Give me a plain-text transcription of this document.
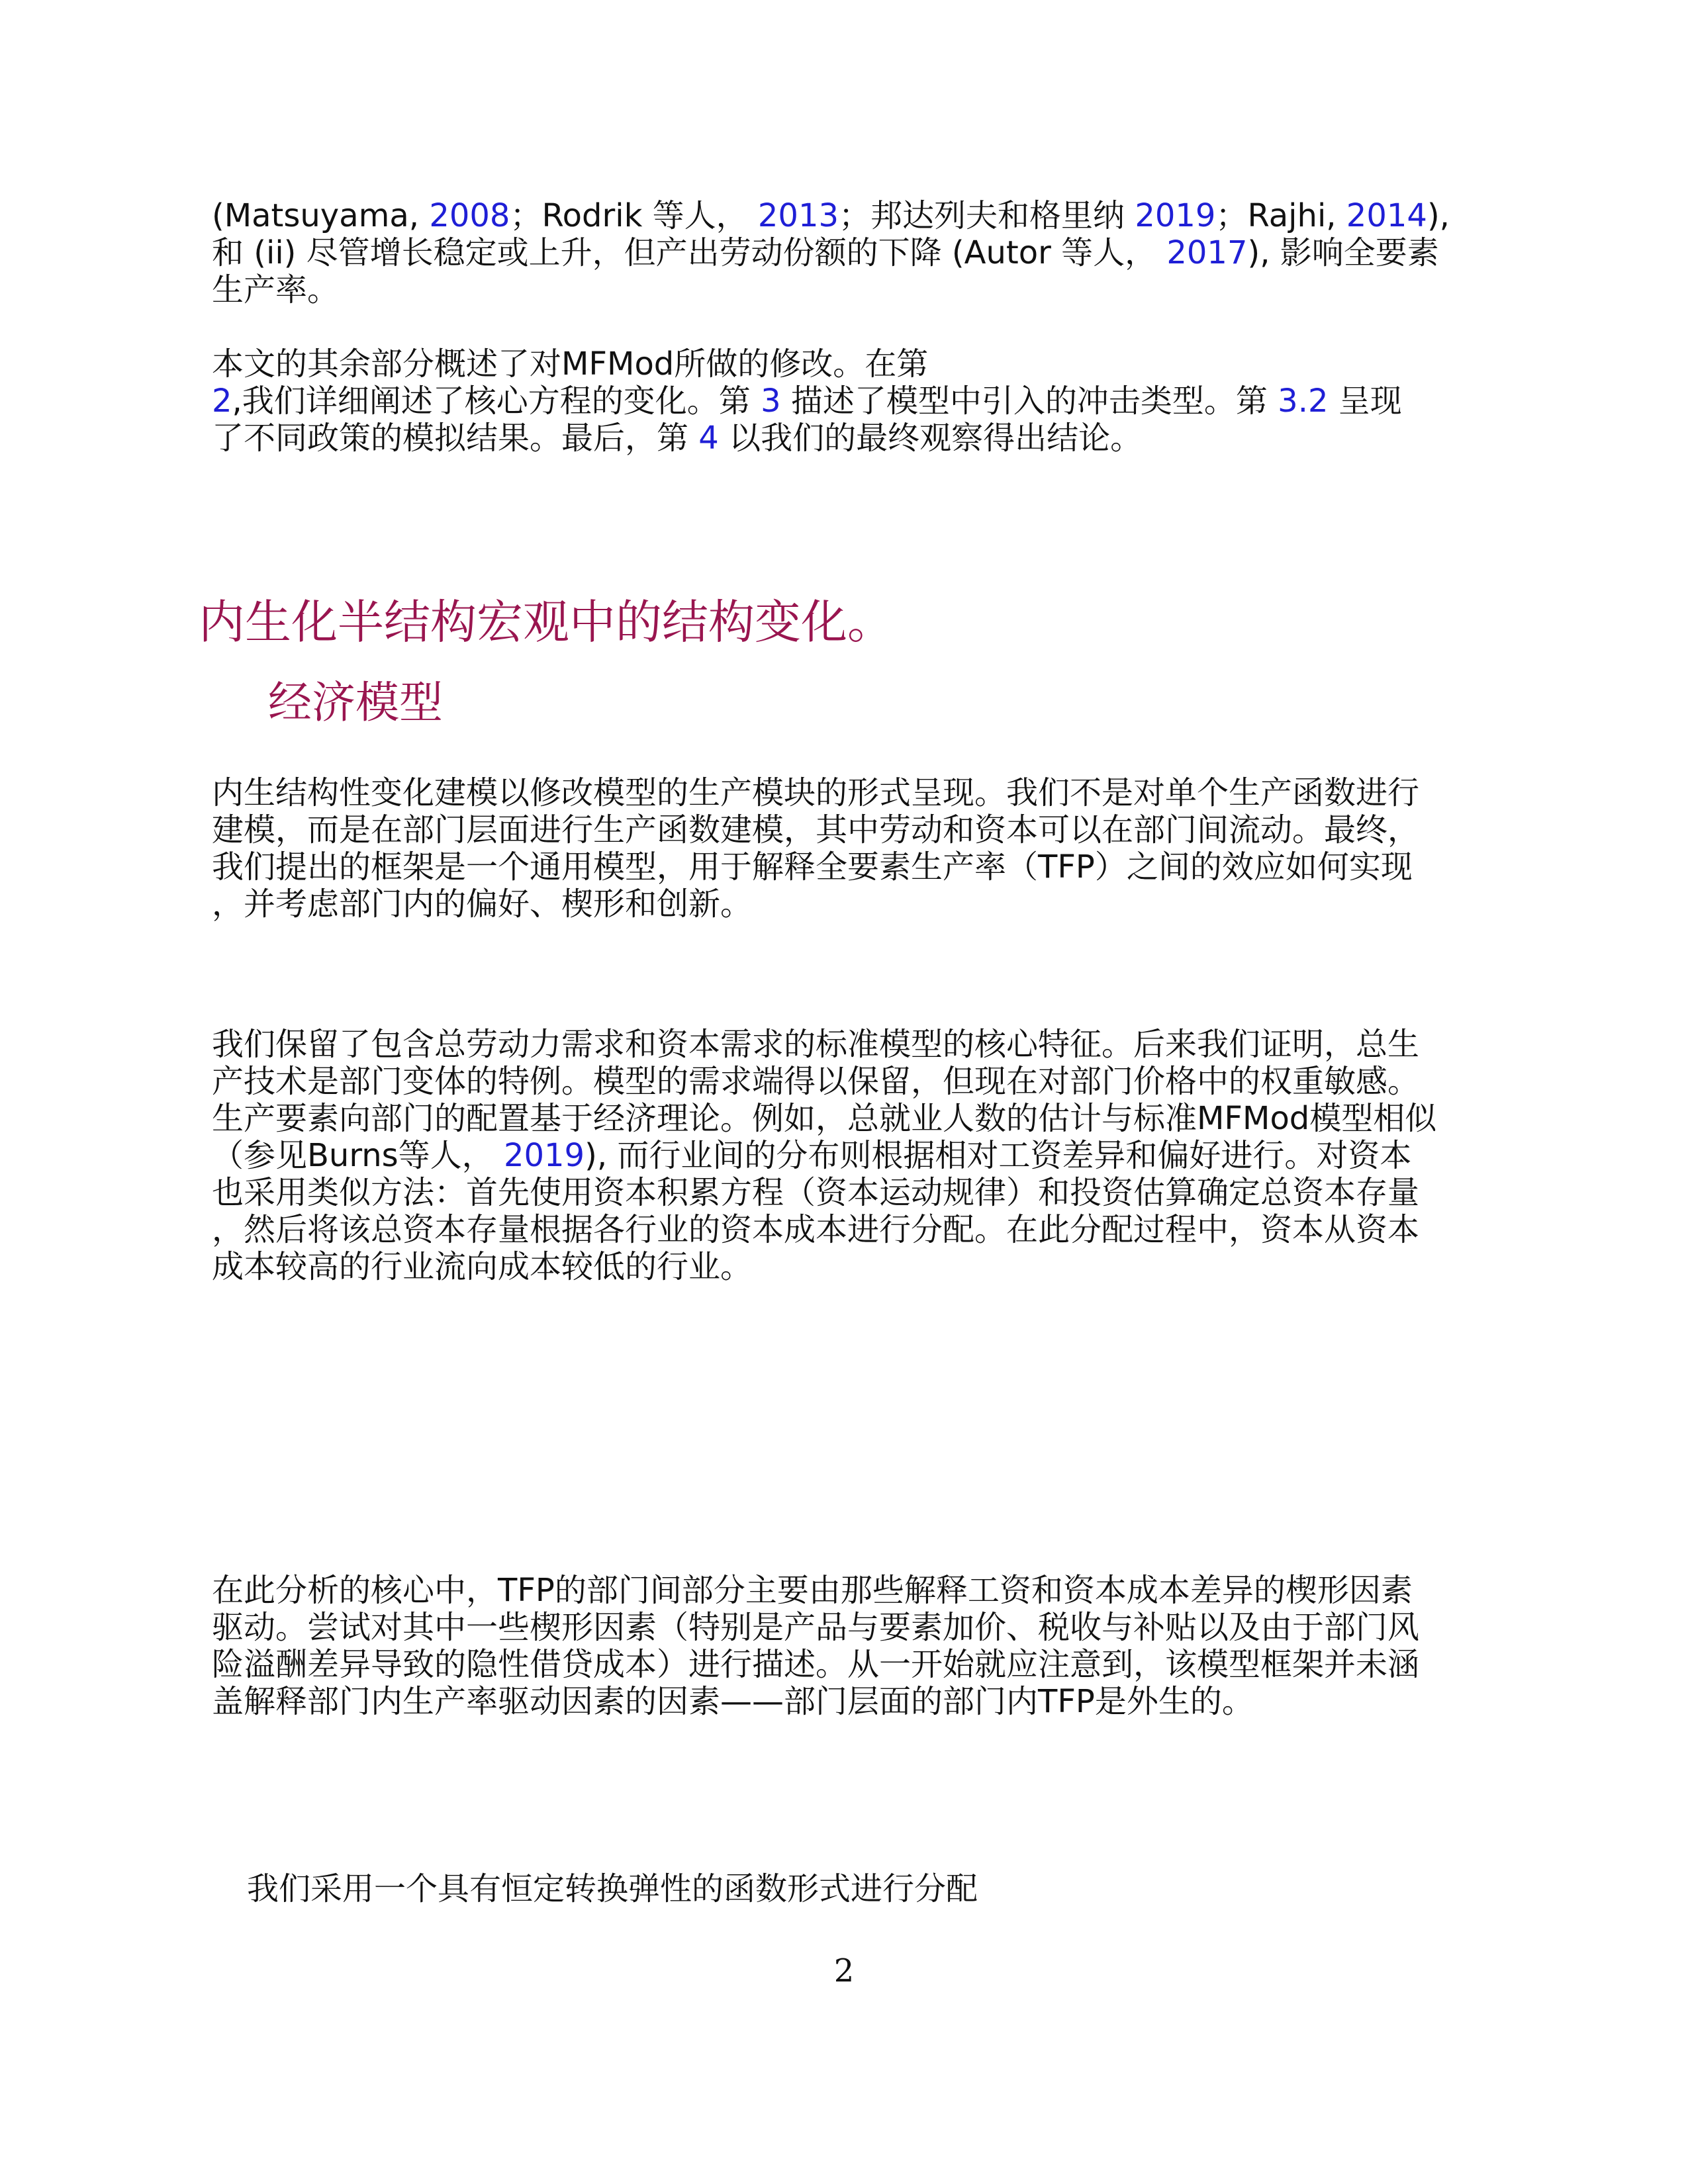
(Matsuyama, 2008；Rodrik 等人， 2013；邦达列夫和格里纳 2019；Rajhi, 2014),
和 (ii) 尽管增长稳定或上升，但产出劳动份额的下降 (Autor 等人， 2017), 影响全要素
生产率。
本文的其余部分概述了对MFMod所做的修改。在第
2,我们详细阐述了核心方程的变化。第 3 描述了模型中引入的冲击类型。第 3.2 呈现
了不同政策的模拟结果。最后，第 4 以我们的最终观察得出结论。
内生化半结构宏观中的结构变化。
经济模型
内生结构性变化建模以修改模型的生产模块的形式呈现。我们不是对单个生产函数进行
建模，而是在部门层面进行生产函数建模，其中劳动和资本可以在部门间流动。最终，
我们提出的框架是一个通用模型，用于解释全要素生产率（TFP）之间的效应如何实现
，并考虑部门内的偏好、楔形和创新。
我们保留了包含总劳动力需求和资本需求的标准模型的核心特征。后来我们证明，总生
产技术是部门变体的特例。模型的需求端得以保留，但现在对部门价格中的权重敏感。
生产要素向部门的配置基于经济理论。例如，总就业人数的估计与标准MFMod模型相似
（参见Burns等人， 2019), 而行业间的分布则根据相对工资差异和偏好进行。对资本
也采用类似方法：首先使用资本积累方程（资本运动规律）和投资估算确定总资本存量
，然后将该总资本存量根据各行业的资本成本进行分配。在此分配过程中，资本从资本
成本较高的行业流向成本较低的行业。
在此分析的核心中，TFP的部门间部分主要由那些解释工资和资本成本差异的楔形因素
驱动。尝试对其中一些楔形因素（特别是产品与要素加价、税收与补贴以及由于部门风
险溢酬差异导致的隐性借贷成本）进行描述。从一开始就应注意到，该模型框架并未涵
盖解释部门内生产率驱动因素的因素——部门层面的部门内TFP是外生的。
我们采用一个具有恒定转换弹性的函数形式进行分配
2
